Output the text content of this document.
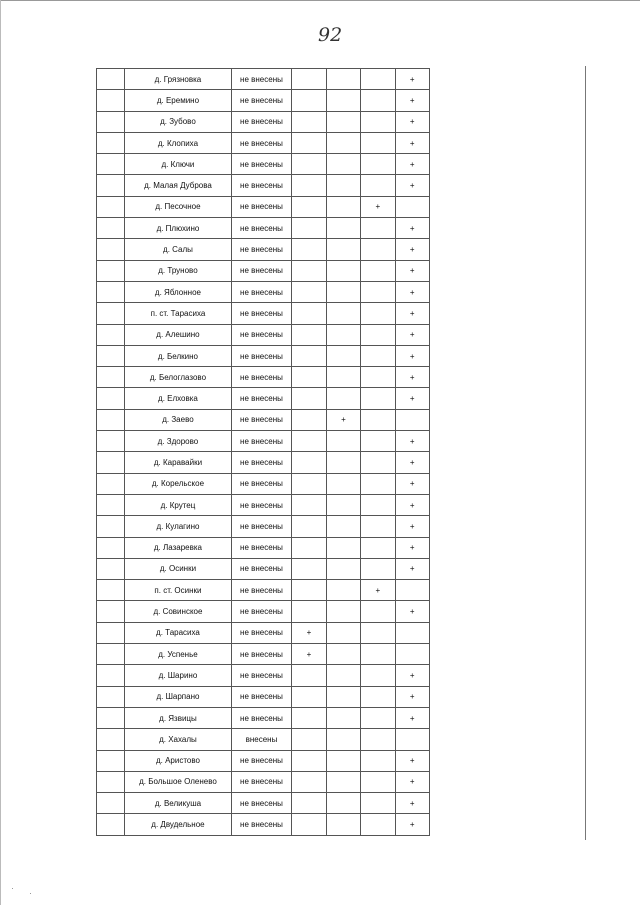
92
	д. Грязновка	не внесены				+
	д. Еремино	не внесены				+
	д. Зубово	не внесены				+
	д. Клопиха	не внесены				+
	д. Ключи	не внесены				+
	д. Малая Дуброва	не внесены				+
	д. Песочное	не внесены			+	
	д. Плюхино	не внесены				+
	д. Салы	не внесены				+
	д. Труново	не внесены				+
	д. Яблонное	не внесены				+
	п. ст. Тарасиха	не внесены				+
	д. Алешино	не внесены				+
	д. Белкино	не внесены				+
	д. Белоглазово	не внесены				+
	д. Елховка	не внесены				+
	д. Заево	не внесены		+		
	д. Здорово	не внесены				+
	д. Каравайки	не внесены				+
	д. Корельское	не внесены				+
	д. Крутец	не внесены				+
	д. Кулагино	не внесены				+
	д. Лазаревка	не внесены				+
	д. Осинки	не внесены				+
	п. ст. Осинки	не внесены			+	
	д. Совинское	не внесены				+
	д. Тарасиха	не внесены	+			
	д. Успенье	не внесены	+			
	д. Шарино	не внесены				+
	д. Шарпано	не внесены				+
	д. Язвицы	не внесены				+
	д. Хахалы	внесены				
	д. Аристово	не внесены				+
	д. Большое Оленево	не внесены				+
	д. Великуша	не внесены				+
	д. Двудельное	не внесены				+
